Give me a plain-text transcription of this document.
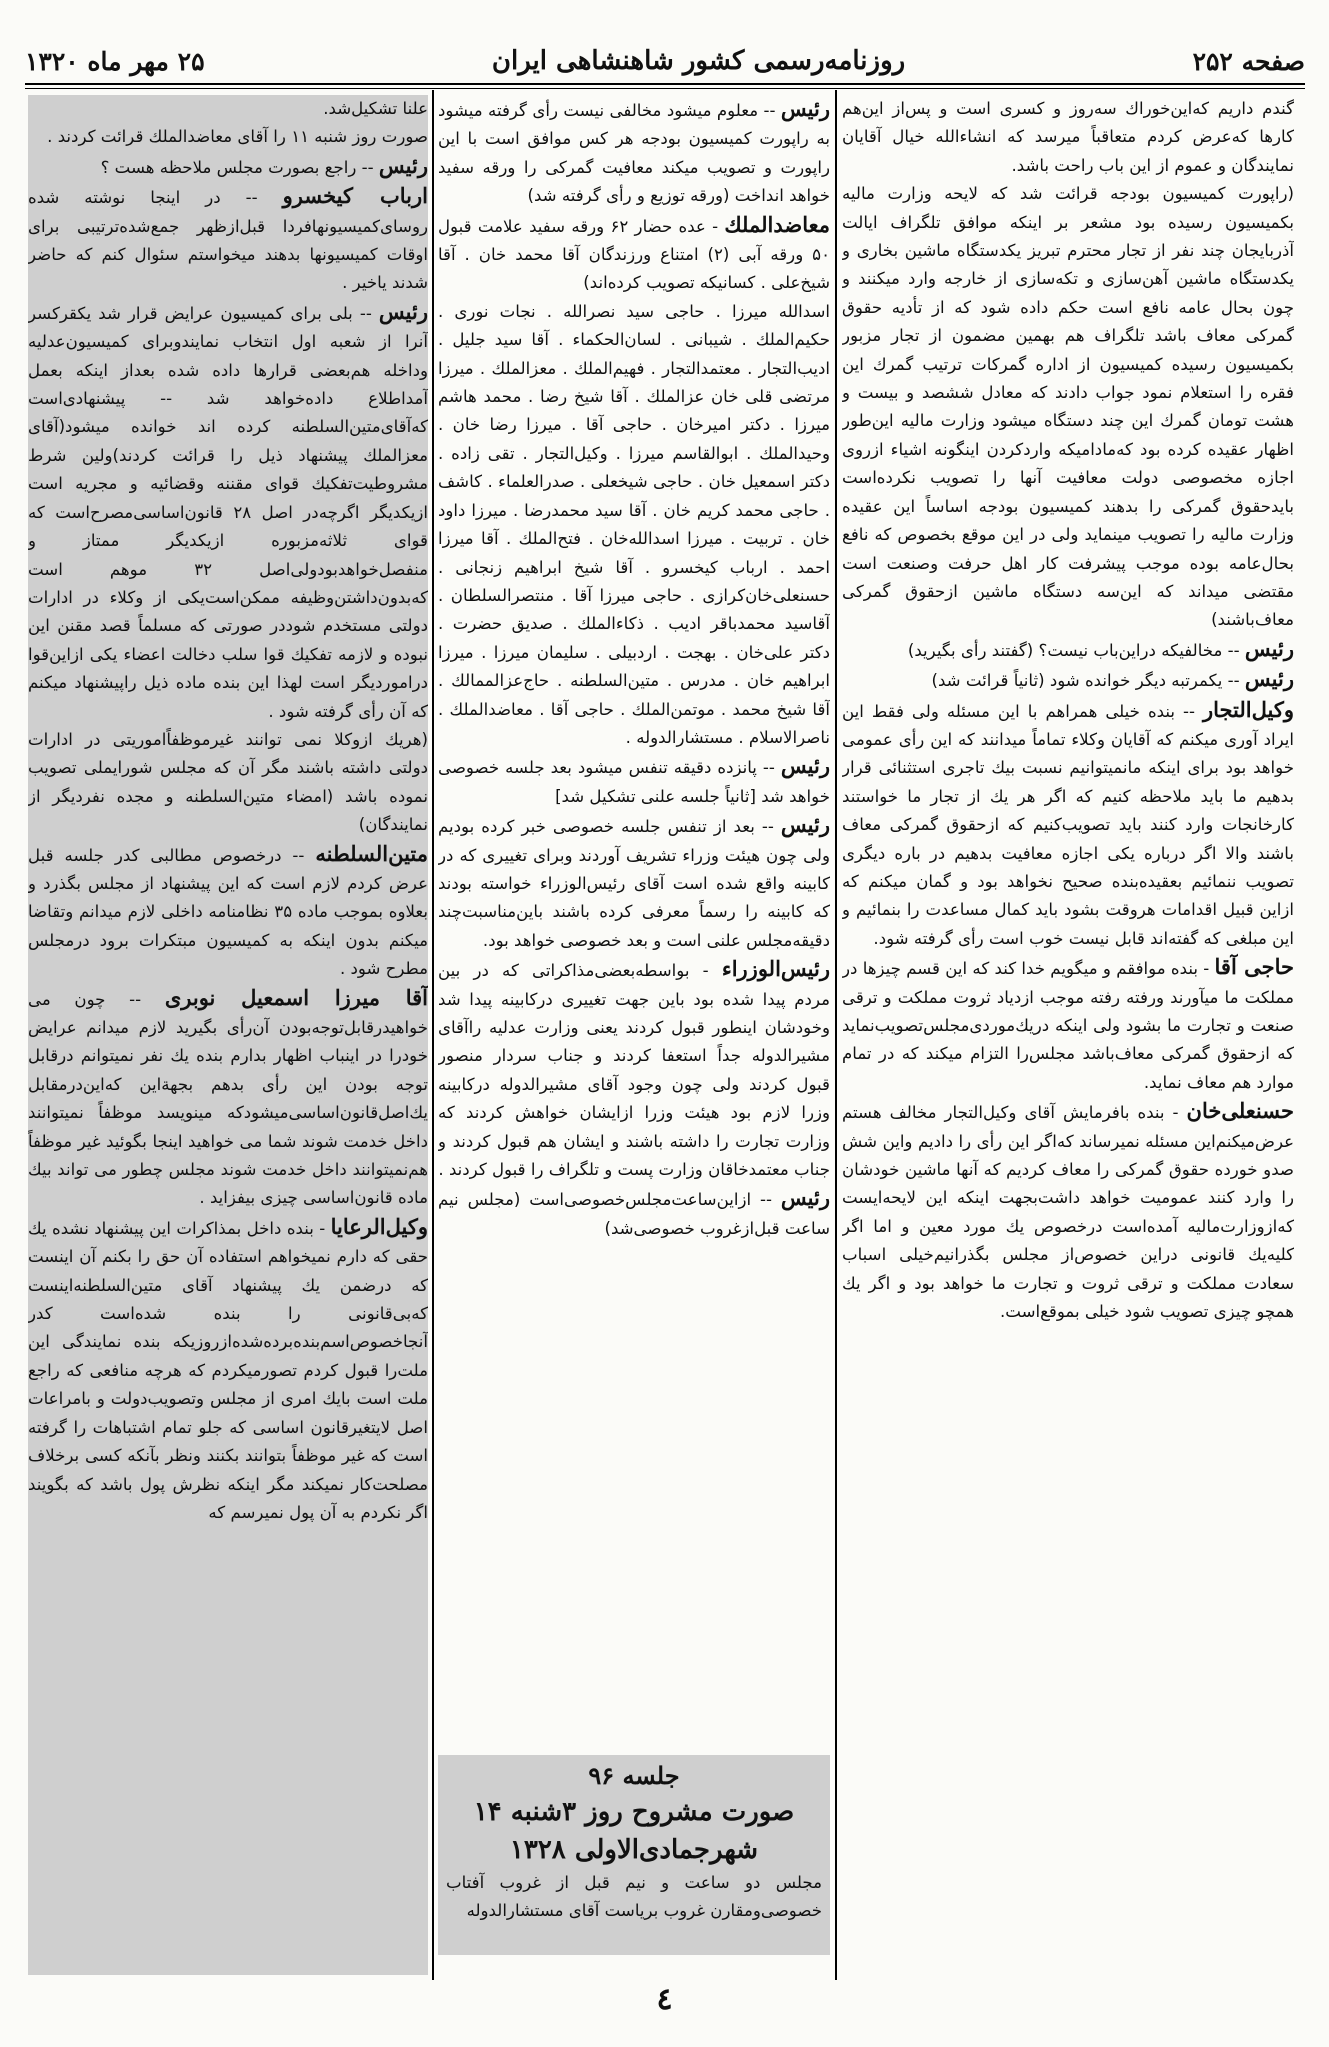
صفحه ۲۵۲
روزنامه‌رسمی کشور شاهنشاهی ایران
۲۵ مهر ماه ۱۳۲۰

گندم داریم که‌این‌خوراك سه‌روز و کسری است و پس‌از این‌هم کارها که‌عرض کردم متعاقباً میرسد که انشاءالله خیال آقایان نمایندگان و عموم از این باب راحت باشد.

(راپورت کمیسیون بودجه قرائت شد که لایحه وزارت مالیه بکمیسیون رسیده بود مشعر بر اینکه موافق تلگراف ایالت آذربایجان چند نفر از تجار محترم تبریز یکدستگاه ماشین بخاری و یکدستگاه ماشین آهن‌سازی و تکه‌سازی از خارجه وارد میکنند و چون بحال عامه نافع است حکم داده شود که از تأدیه حقوق گمرکی معاف باشد تلگراف هم بهمین مضمون از تجار مزبور بکمیسیون رسیده کمیسیون از اداره گمرکات ترتیب گمرك این فقره را استعلام نمود جواب دادند که معادل ششصد و بیست و هشت تومان گمرك این چند دستگاه میشود وزارت مالیه این‌طور اظهار عقیده کرده بود که‌مادامیکه واردکردن اینگونه اشیاء ازروی اجازه مخصوصی دولت معافیت آنها را تصویب نکرده‌است بایدحقوق گمرکی را بدهند کمیسیون بودجه اساساً این عقیده وزارت مالیه را تصویب مینماید ولی در این موقع بخصوص که نافع بحال‌عامه بوده موجب پیشرفت کار اهل حرفت وصنعت است مقتضی میداند که این‌سه دستگاه ماشین ازحقوق گمرکی معاف‌باشند)

رئیس -- مخالفیکه دراین‌باب نیست؟ (گفتند رأی بگیرید)

رئیس -- یکمرتبه دیگر خوانده شود (ثانیاً قرائت شد)

وکیل‌التجار -- بنده خیلی همراهم با این مسئله ولی فقط این ایراد آوری میکنم که آقایان وکلاء تماماً میدانند که این رأی عمومی خواهد بود برای اینکه مانمیتوانیم نسبت بیك تاجری استثنائی قرار بدهیم ما باید ملاحظه کنیم که اگر هر یك از تجار ما خواستند کارخانجات وارد کنند باید تصویب‌کنیم که ازحقوق گمرکی معاف باشند والا اگر درباره یکی اجازه معافیت بدهیم در باره دیگری تصویب ننمائیم بعقیده‌بنده صحیح نخواهد بود و گمان میکنم که ازاین قبیل اقدامات هروقت بشود باید کمال مساعدت را بنمائیم و این مبلغی که گفته‌اند قابل نیست خوب است رأی گرفته شود.

حاجی آقا - بنده موافقم و میگویم خدا کند که این قسم چیزها در مملکت ما میآورند ورفته رفته موجب ازدیاد ثروت مملکت و ترقی صنعت و تجارت ما بشود ولی اینکه دریك‌موردی‌مجلس‌تصویب‌نماید که ازحقوق گمرکی معاف‌باشد مجلس‌را التزام میکند که در تمام موارد هم معاف نماید.

حسنعلی‌خان - بنده بافرمایش آقای وکیل‌التجار مخالف هستم عرض‌میکنم‌این مسئله نمیرساند که‌اگر این رأی را دادیم واین شش صدو خورده حقوق گمرکی را معاف کردیم که آنها ماشین خودشان را وارد کنند عمومیت خواهد داشت‌بجهت اینکه این لایحه‌ایست که‌ازوزارت‌مالیه آمده‌است درخصوص یك مورد معین و اما اگر کلیه‌یك قانونی دراین خصوص‌از مجلس بگذرانیم‌خیلی اسباب سعادت مملکت و ترقی ثروت و تجارت ما خواهد بود و اگر یك همچو چیزی تصویب شود خیلی بموقع‌است.

رئیس -- معلوم میشود مخالفی نیست رأی گرفته میشود به راپورت کمیسیون بودجه هر کس موافق است با این راپورت و تصویب میکند معافیت گمرکی را ورقه سفید خواهد انداخت (ورقه توزیع و رأی گرفته شد)

معاضدالملك - عده حضار ۶۲ ورقه سفید علامت قبول ۵۰ ورقه آبی (۲) امتناع ورزندگان آقا محمد خان . آقا شیخ‌علی . کسانیکه تصویب کرده‌اند)

اسدالله میرزا . حاجی سید نصرالله . نجات نوری . حکیم‌الملك . شیبانی . لسان‌الحکماء . آقا سید جلیل . ادیب‌التجار . معتمدالتجار . فهیم‌الملك . معزالملك . میرزا مرتضی قلی خان عزالملك . آقا شیخ رضا . محمد هاشم میرزا . دکتر امیرخان . حاجی آقا . میرزا رضا خان . وحیدالملك . ابوالقاسم میرزا . وکیل‌التجار . تقی زاده . دکتر اسمعیل خان . حاجی شیخعلی . صدرالعلماء . کاشف . حاجی محمد کریم خان . آقا سید محمدرضا . میرزا داود خان . تربیت . میرزا اسدالله‌خان . فتح‌الملك . آقا میرزا احمد . ارباب کیخسرو . آقا شیخ ابراهیم زنجانی . حسنعلی‌خان‌کرازی . حاجی میرزا آقا . منتصرالسلطان . آقاسید محمدباقر ادیب . ذکاءالملك . صدیق حضرت . دکتر علی‌خان . بهجت . اردبیلی . سلیمان میرزا . میرزا ابراهیم خان . مدرس . متین‌السلطنه . حاج‌عزالممالك . آقا شیخ محمد . موتمن‌الملك . حاجی آقا . معاضدالملك . ناصرالاسلام . مستشارالدوله .

رئیس -- پانزده دقیقه تنفس میشود بعد جلسه خصوصی خواهد شد [ثانیاً جلسه علنی تشکیل شد]

رئیس -- بعد از تنفس جلسه خصوصی خبر کرده بودیم ولی چون هیئت وزراء تشریف آوردند وبرای تغییری که در کابینه واقع شده است آقای رئیس‌الوزراء خواسته بودند که کابینه را رسماً معرفی کرده باشند باین‌مناسبت‌چند دقیقه‌مجلس علنی است و بعد خصوصی خواهد بود.

رئیس‌الوزراء - بواسطه‌بعضی‌مذاکراتی که در بین مردم پیدا شده بود باین جهت تغییری درکابینه پیدا شد وخودشان اینطور قبول کردند یعنی وزارت عدلیه راآقای مشیرالدوله جداً استعفا کردند و جناب سردار منصور قبول کردند ولی چون وجود آقای مشیرالدوله درکابینه وزرا لازم بود هیئت وزرا ازایشان خواهش کردند که وزارت تجارت را داشته باشند و ایشان هم قبول کردند و جناب معتمدخاقان وزارت پست و تلگراف را قبول کردند .

رئیس -- ازاین‌ساعت‌مجلس‌خصوصی‌است (مجلس نیم ساعت قبل‌ازغروب خصوصی‌شد)

جلسه ۹۶
صورت مشروح روز ۳شنبه ۱۴
شهرجمادی‌الاولی ۱۳۲۸
مجلس دو ساعت و نیم قبل از غروب آفتاب خصوصی‌ومقارن غروب بریاست آقای مستشارالدوله

علنا تشکیل‌شد.

صورت روز شنبه ۱۱ را آقای معاضدالملك قرائت کردند .

رئیس -- راجع بصورت مجلس ملاحظه هست ؟

ارباب کیخسرو -- در اینجا نوشته شده روسای‌کمیسیونهافردا قبل‌ازظهر جمع‌شده‌ترتیبی برای اوقات کمیسیونها بدهند میخواستم سئوال کنم که حاضر شدند یاخیر .

رئیس -- بلی برای کمیسیون عرایض قرار شد یکقرکسر آنرا از شعبه اول انتخاب نمایندوبرای کمیسیون‌عدلیه وداخله هم‌بعضی قرارها داده شده بعداز اینکه بعمل آمداطلاع داده‌خواهد شد -- پیشنهادی‌است که‌آقای‌متین‌السلطنه کرده اند خوانده میشود(آقای معزالملك پیشنهاد ذیل را قرائت کردند)ولین شرط مشروطیت‌تفکیك قوای مقننه وقضائیه و مجریه است ازیکدیگر اگرچه‌در اصل ۲۸ قانون‌اساسی‌مصرح‌است که قوای ثلاثه‌مزبوره ازیکدیگر ممتاز و منفصل‌خواهدبودولی‌اصل ۳۲ موهم است که‌بدون‌داشتن‌وظیفه ممکن‌است‌یکی از وکلاء در ادارات دولتی مستخدم‌ شوددر صورتی که مسلماً قصد مقنن این نبوده و لازمه تفکیك قوا سلب دخالت اعضاء یکی ازاین‌قوا دراموردیگر است لهذا این بنده ماده ذیل راپیشنهاد میکنم که آن رأی گرفته شود .

(هریك ازوکلا نمی توانند غیرموظفاً‌اموریتی در ادارات دولتی داشته باشند مگر آن که مجلس شورایملی تصویب نموده باشد (امضاء متین‌السلطنه و مجده نفردیگر از نمایندگان)

متین‌السلطنه -- درخصوص مطالبی کدر جلسه قبل عرض کردم لازم است که این پیشنهاد از مجلس بگذرد و بعلاوه بموجب ماده ۳۵ نظامنامه داخلی لازم میدانم وتقاضا میکنم بدون اینکه به کمیسیون مبتکرات برود درمجلس مطرح شود .

آقا میرزا اسمعیل نوبری -- چون می خواهیدرقابل‌توجه‌بودن آن‌رأی بگیرید لازم میدانم عرایض خودرا در اینباب اظهار بدارم بنده یك نفر نمیتوانم درقابل توجه بودن این رأی بدهم بجهةاین که‌این‌درمقابل یك‌اصل‌قانون‌اساسی‌میشودکه مینویسد موظفاً نمیتوانند داخل خدمت شوند شما می خواهید اینجا بگوئید غیر موظفاً هم‌نمیتوانند داخل خدمت شوند مجلس چطور می تواند بیك ماده قانون‌اساسی چیزی بیفزاید .

وکیل‌الرعایا - بنده داخل بمذاکرات این پیشنهاد نشده یك حقی که دارم نمیخواهم استفاده آن حق را بکنم آن اینست که درضمن یك پیشنهاد آقای متین‌السلطنه‌اینست که‌بی‌قانونی را بنده شده‌است کدر آنجا‌خصوص‌اسم‌بنده‌برده‌شده‌ازروزیکه بنده نمایندگی این ملت‌را قبول کردم تصورمیکردم که هرچه منافعی که راجع ملت است بایك امری از مجلس وتصویب‌دولت و بامراعات اصل لایتغیرقانون اساسی که جلو تمام اشتباهات را گرفته است که غیر موظفاً بتوانند بکنند ونظر بآنکه کسی برخلاف مصلحت‌کار نمیکند مگر اینکه نظرش پول باشد که بگویند اگر نکردم به آن پول نمیرسم که

٤
